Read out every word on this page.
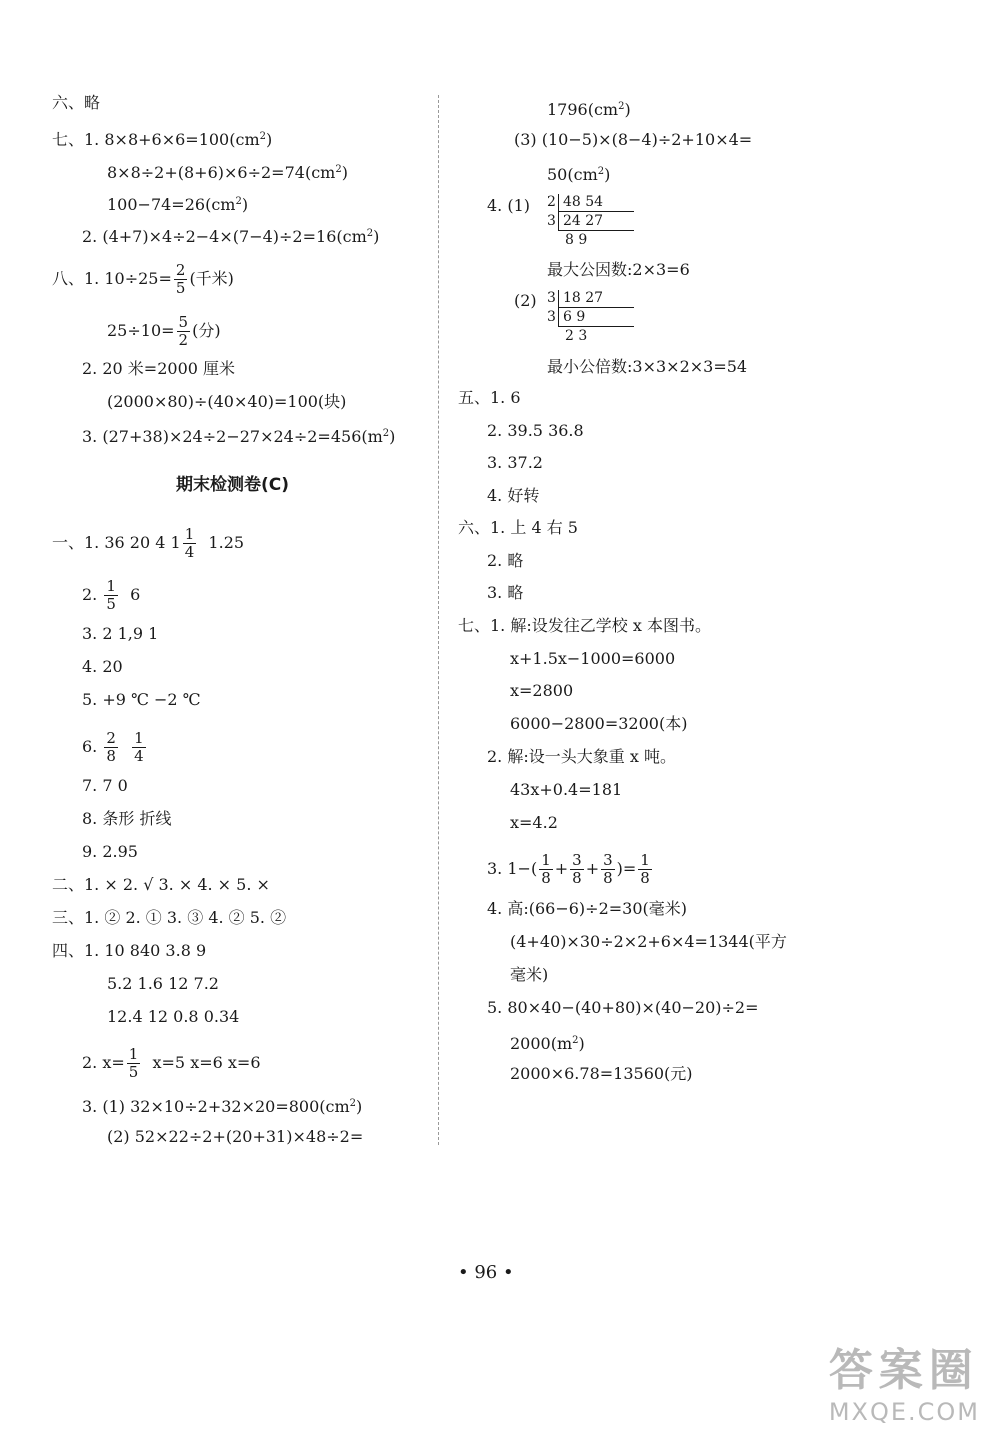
六、略
七、1. $8\times 8+6\times 6=100(cm^2)$
$8\times 8\div 2+(8+6)\times 6\div 2=74(cm^2)$
$100-74=26(cm^2)$
2. $(4+7)\times 4\div 2-4\times(7-4)\div 2=16(cm^2)$
八、1. $10\div 25= \frac{2}{5}$ (千米)
$25\div 10= \frac{5}{2}$ (分)
2. 20 米=2000 厘米
(2000×80)÷(40×40)=100(块)
3. $(27+38)\times 24\div 2-27\times 24\div 2=456(m^2)$
期末检测卷(C)
一、1. 36 20 4 $1 \frac{1}{4} 1.25$
2. $\frac{1}{5} 6$
3. 2 1,9 1
4. 20
5. +9 ℃ −2 ℃
6. $\frac{2}{8}$
$\frac{1}{4}$
7. 7 0
8. 条形 折线
9. 2.95
二、1. × 2. √ 3. × 4. × 5. ×
三、1. ② 2. ① 3. ③ 4. ② 5. ②
四、1. 10 840 3.8 9
5.2 1.6 12 7.2
12.4 12 0.8 0.34
2. $x= \frac{1}{5} x=5$ x=6 x=6
3. (1) $32\times 10\div 2+32\times 20=800(cm^2)$
(2) 52×22÷2+(20+31)×48÷2=
$1796(cm^2)$
(3) (10−5)×(8−4)÷2+10×4=
$50(cm^2)$
4. (1) 2 48 54
3 24 27
8 9
最大公因数:2×3=6
(2) 3 18 27
3 6 9
2 3
最小公倍数:3×3×2×3=54
五、1. 6
2. 39.5 36.8
3. 37.2
4. 好转
六、1. 上 4 右 5
2. 略
3. 略
七、1. 解:设发往乙学校 x 本图书。
x+1.5x−1000=6000
x=2800
6000−2800=3200(本)
2. 解:设一头大象重 x 吨。
43x+0.4=181
x=4.2
3. $1-( \frac{1}{8} + \frac{3}{8} + \frac{3}{8}$ )= $\frac{1}{8}$
4. 高:(66−6)÷2=30(毫米)
(4+40)×30÷2×2+6×4=1344(平方
毫米)
5. 80×40−(40+80)×(40−20)÷2=
$2000(m^2)$
2000×6.78=13560(元)
• 96 •
答案圈
MXQE.COM
